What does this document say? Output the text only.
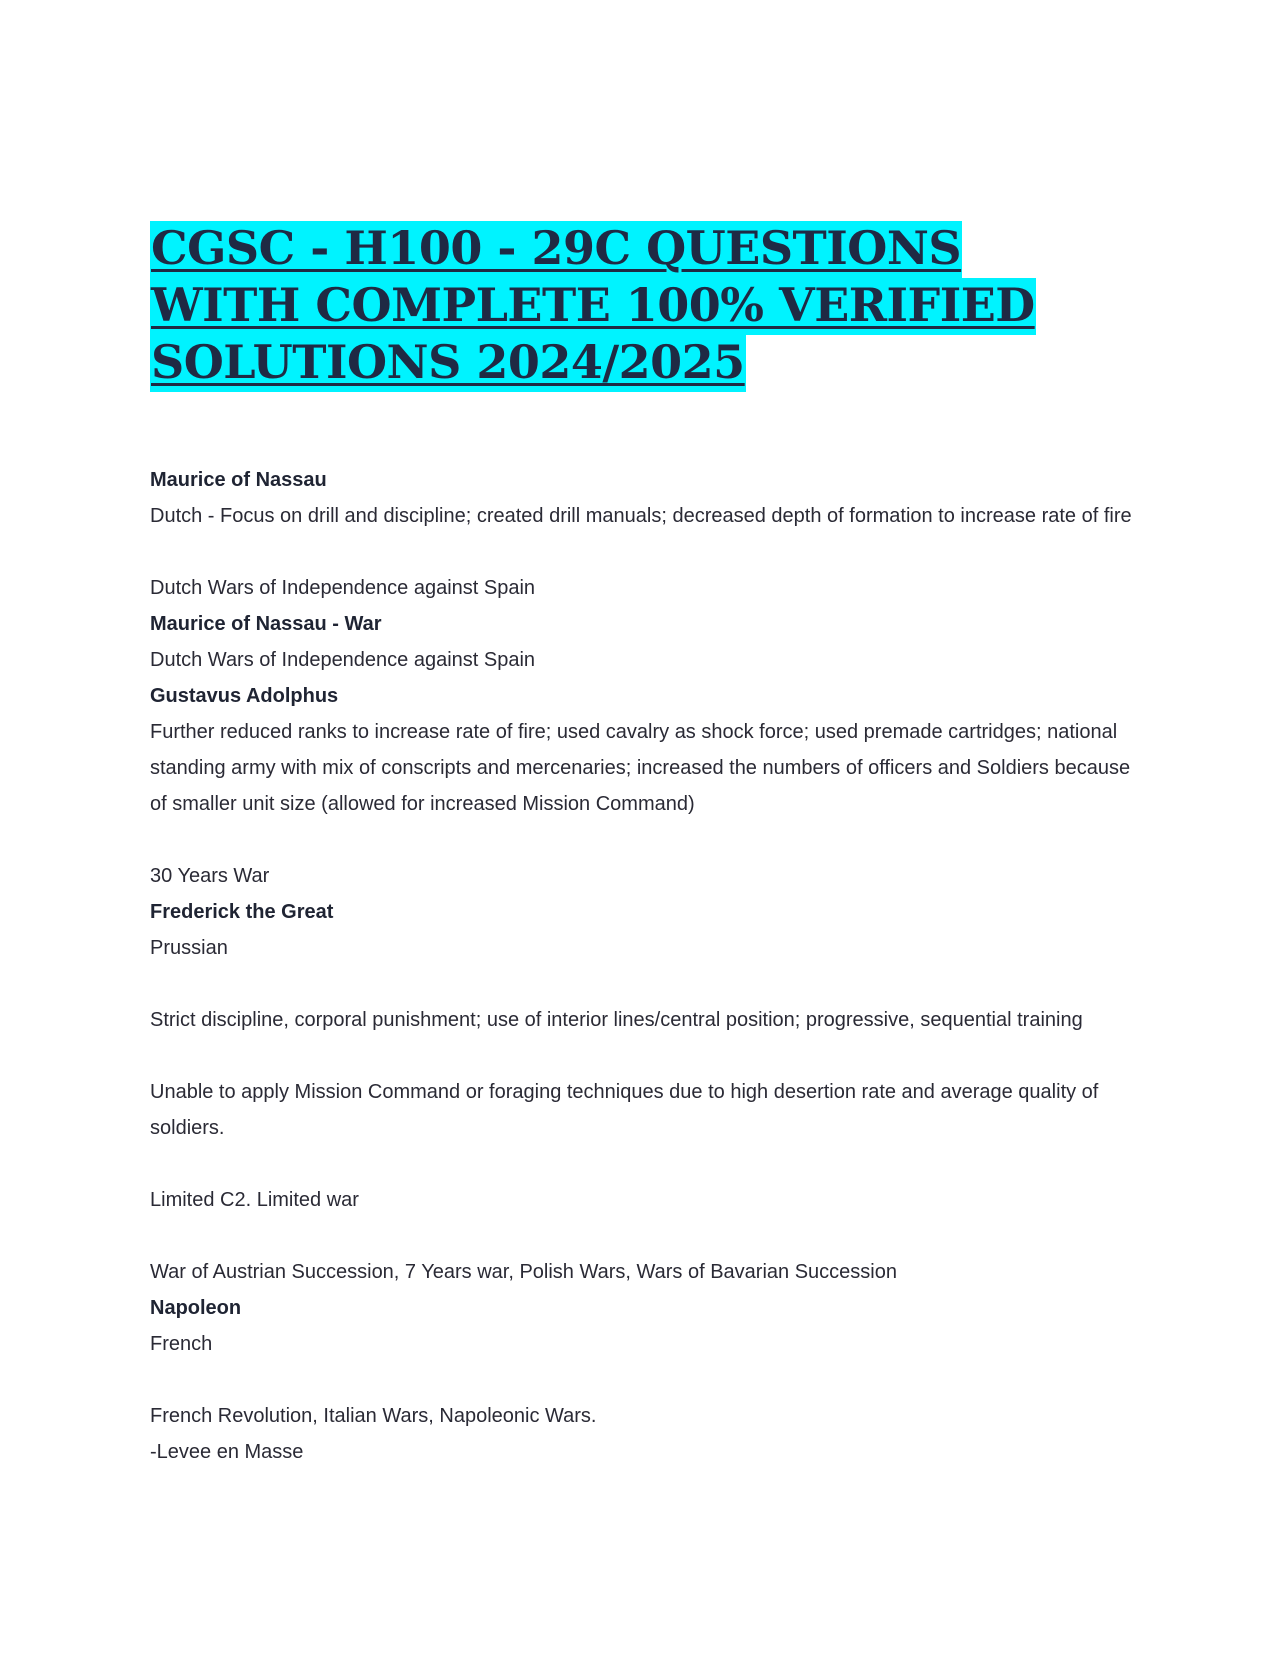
CGSC - H100 - 29C QUESTIONS
WITH COMPLETE 100% VERIFIED
SOLUTIONS 2024/2025

Maurice of Nassau

Dutch - Focus on drill and discipline; created drill manuals; decreased depth of formation to increase rate of fire

Dutch Wars of Independence against Spain

Maurice of Nassau - War

Dutch Wars of Independence against Spain

Gustavus Adolphus

Further reduced ranks to increase rate of fire; used cavalry as shock force; used premade cartridges; national standing army with mix of conscripts and mercenaries; increased the numbers of officers and Soldiers because of smaller unit size (allowed for increased Mission Command)

30 Years War

Frederick the Great

Prussian

Strict discipline, corporal punishment; use of interior lines/central position; progressive, sequential training

Unable to apply Mission Command or foraging techniques due to high desertion rate and average quality of soldiers.

Limited C2. Limited war

War of Austrian Succession, 7 Years war, Polish Wars, Wars of Bavarian Succession

Napoleon

French

French Revolution, Italian Wars, Napoleonic Wars.

-Levee en Masse
